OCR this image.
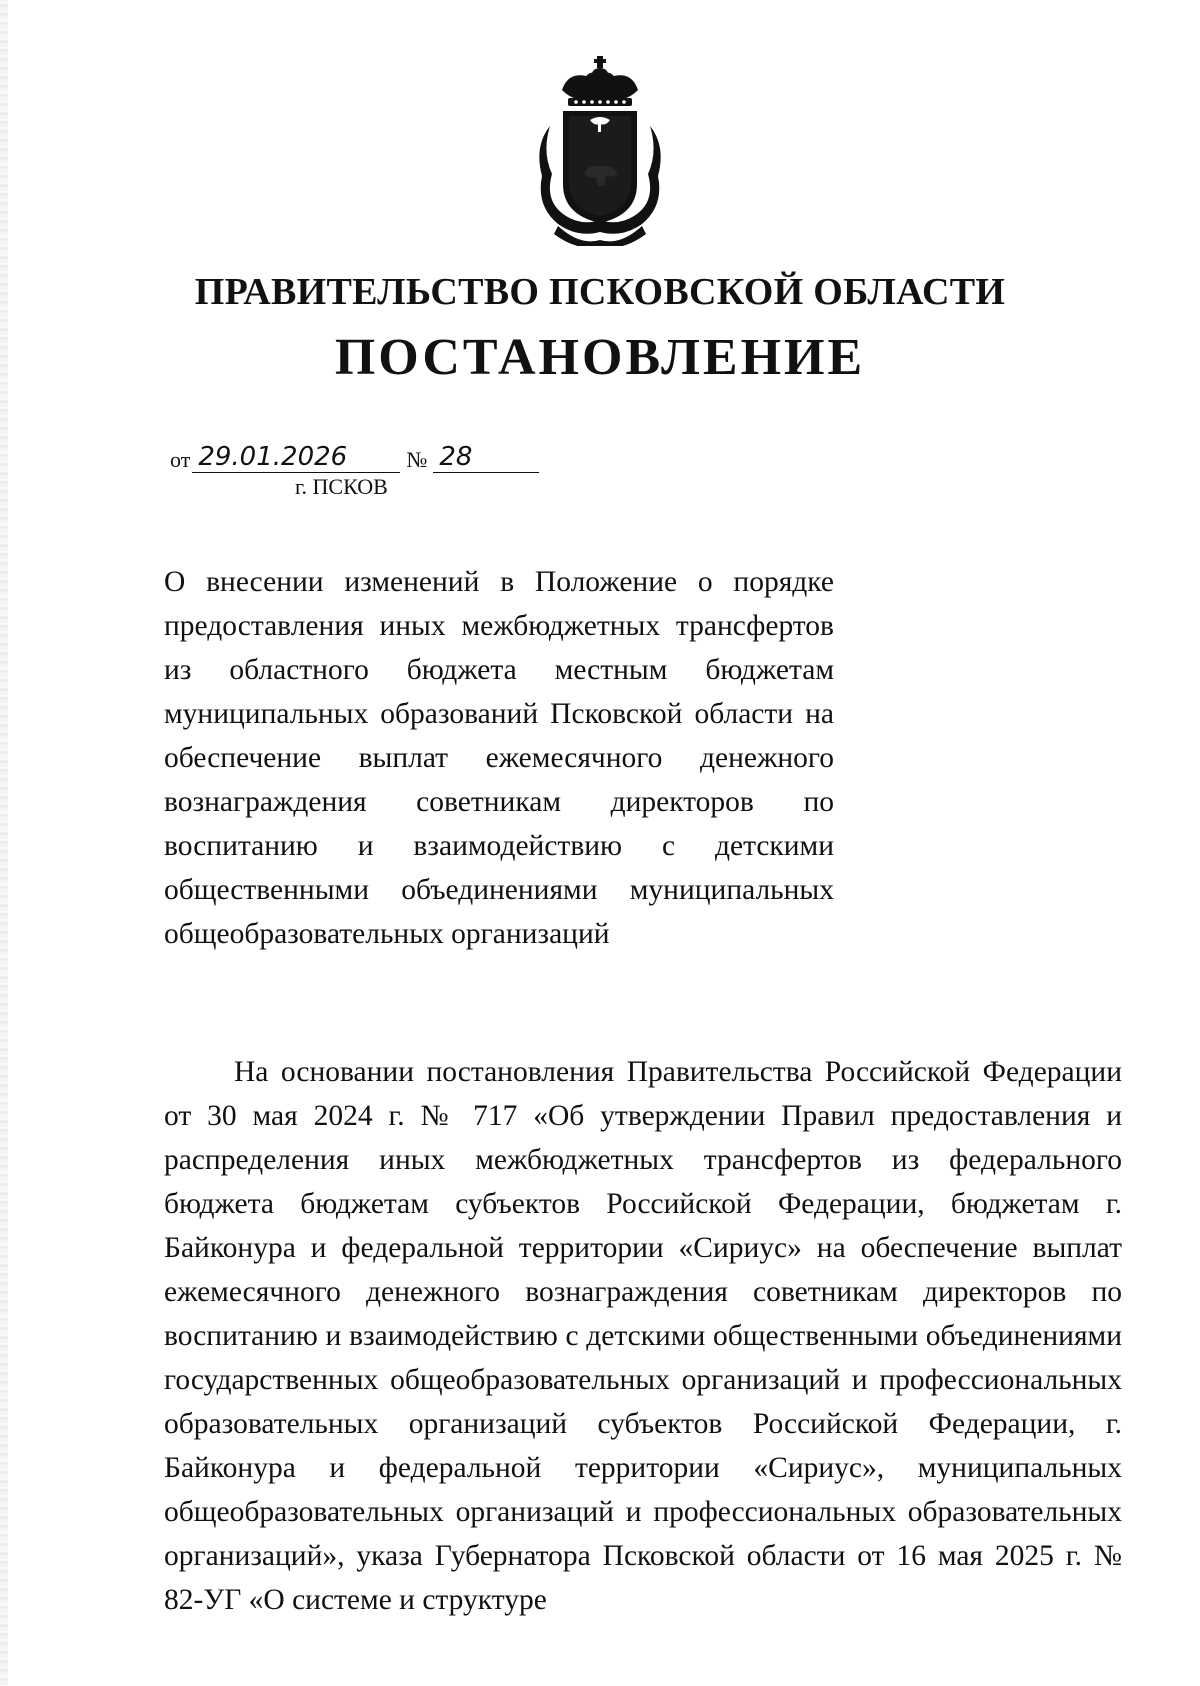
ПРАВИТЕЛЬСТВО ПСКОВСКОЙ ОБЛАСТИ
ПОСТАНОВЛЕНИЕ
от 29.01.2026	№ 28
г. ПСКОВ

О внесении изменений в Положение о порядке предоставления иных межбюджетных трансфертов из областного бюджета местным бюджетам муниципальных образований Псковской области на обеспечение выплат ежемесячного денежного вознаграждения советникам директоров по воспитанию и взаимодействию с детскими общественными объединениями муниципальных общеобразовательных организаций

На основании постановления Правительства Российской Федерации от 30 мая 2024 г. № 717 «Об утверждении Правил предоставления и распределения иных межбюджетных трансфертов из федерального бюджета бюджетам субъектов Российской Федерации, бюджетам г. Байконура и федеральной территории «Сириус» на обеспечение выплат ежемесячного денежного вознаграждения советникам директоров по воспитанию и взаимодействию с детскими общественными объединениями государственных общеобразовательных организаций и профессиональных образовательных организаций субъектов Российской Федерации, г. Байконура и федеральной территории «Сириус», муниципальных общеобразовательных организаций и профессиональных образовательных организаций», указа Губернатора Псковской области от 16 мая 2025 г. № 82-УГ «О системе и структуре
